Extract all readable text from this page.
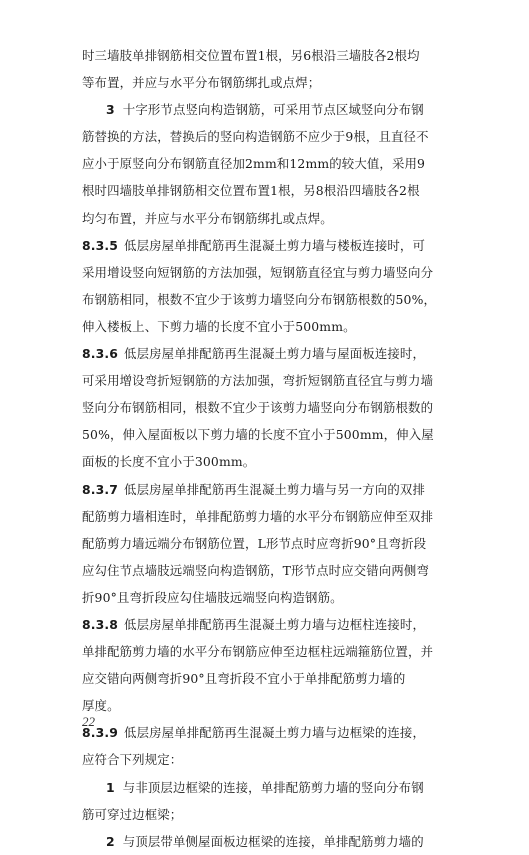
时三墙肢单排钢筋相交位置布置1根，另6根沿三墙肢各2根均
等布置，并应与水平分布钢筋绑扎或点焊；
3 十字形节点竖向构造钢筋，可采用节点区域竖向分布钢
筋替换的方法，替换后的竖向构造钢筋不应少于9根，且直径不
应小于原竖向分布钢筋直径加2mm和12mm的较大值，采用9
根时四墙肢单排钢筋相交位置布置1根，另8根沿四墙肢各2根
均匀布置，并应与水平分布钢筋绑扎或点焊。
8.3.5 低层房屋单排配筋再生混凝土剪力墙与楼板连接时，可
采用增设竖向短钢筋的方法加强，短钢筋直径宜与剪力墙竖向分
布钢筋相同，根数不宜少于该剪力墙竖向分布钢筋根数的50%，
伸入楼板上、下剪力墙的长度不宜小于500mm。
8.3.6 低层房屋单排配筋再生混凝土剪力墙与屋面板连接时，
可采用增设弯折短钢筋的方法加强，弯折短钢筋直径宜与剪力墙
竖向分布钢筋相同，根数不宜少于该剪力墙竖向分布钢筋根数的
50%，伸入屋面板以下剪力墙的长度不宜小于500mm，伸入屋
面板的长度不宜小于300mm。
8.3.7 低层房屋单排配筋再生混凝土剪力墙与另一方向的双排
配筋剪力墙相连时，单排配筋剪力墙的水平分布钢筋应伸至双排
配筋剪力墙远端分布钢筋位置，L形节点时应弯折90°且弯折段
应勾住节点墙肢远端竖向构造钢筋，T形节点时应交错向两侧弯
折90°且弯折段应勾住墙肢远端竖向构造钢筋。
8.3.8 低层房屋单排配筋再生混凝土剪力墙与边框柱连接时，
单排配筋剪力墙的水平分布钢筋应伸至边框柱远端箍筋位置，并
应交错向两侧弯折90°且弯折段不宜小于单排配筋剪力墙的
厚度。
8.3.9 低层房屋单排配筋再生混凝土剪力墙与边框梁的连接，
应符合下列规定：
1 与非顶层边框梁的连接，单排配筋剪力墙的竖向分布钢
筋可穿过边框梁；
2 与顶层带单侧屋面板边框梁的连接，单排配筋剪力墙的
22
